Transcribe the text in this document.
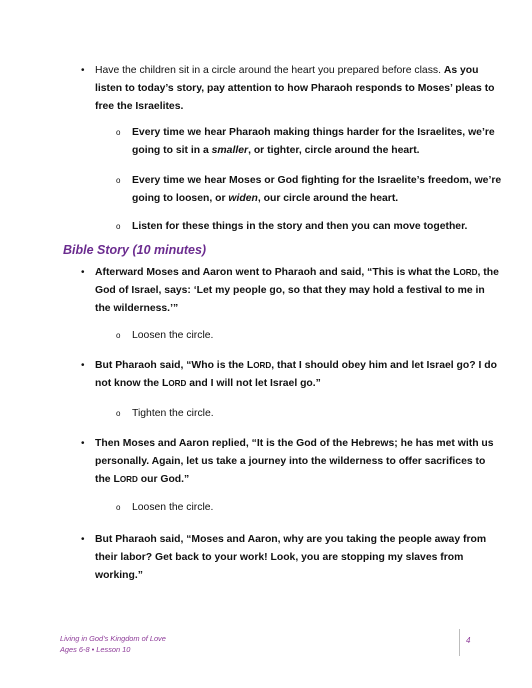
• Have the children sit in a circle around the heart you prepared before class. As you
listen to today’s story, pay attention to how Pharaoh responds to Moses’ pleas to
free the Israelites.
o Every time we hear Pharaoh making things harder for the Israelites, we’re
going to sit in a smaller, or tighter, circle around the heart.
o Every time we hear Moses or God fighting for the Israelite’s freedom, we’re
going to loosen, or widen, our circle around the heart.
o Listen for these things in the story and then you can move together.
Bible Story (10 minutes)
• Afterward Moses and Aaron went to Pharaoh and said, “This is what the LORD, the
God of Israel, says: ‘Let my people go, so that they may hold a festival to me in
the wilderness.’”
o Loosen the circle.
• But Pharaoh said, “Who is the LORD, that I should obey him and let Israel go? I do
not know the LORD and I will not let Israel go.”
o Tighten the circle.
• Then Moses and Aaron replied, “It is the God of the Hebrews; he has met with us
personally. Again, let us take a journey into the wilderness to offer sacrifices to
the LORD our God.”
o Loosen the circle.
• But Pharaoh said, “Moses and Aaron, why are you taking the people away from
their labor? Get back to your work! Look, you are stopping my slaves from
working.”
Living in God’s Kingdom of Love
Ages 6-8 • Lesson 10
4
